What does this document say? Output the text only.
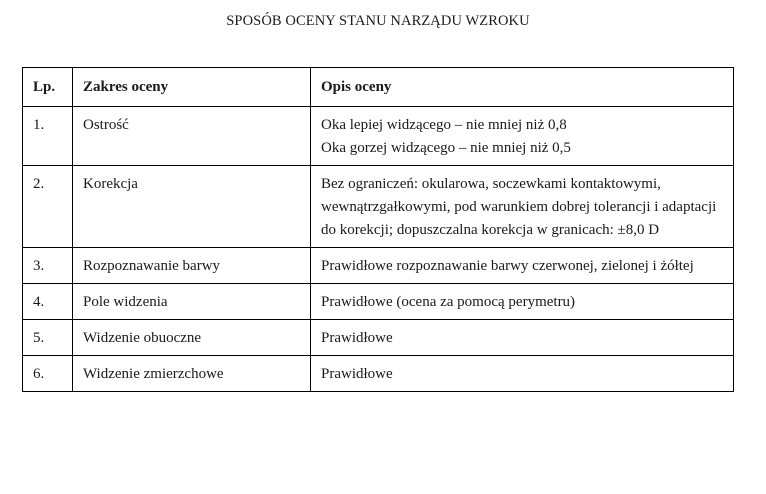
SPOSÓB OCENY STANU NARZĄDU WZROKU
Lp.	Zakres oceny	Opis oceny
1.	Ostrość	Oka lepiej widzącego – nie mniej niż 0,8
Oka gorzej widzącego – nie mniej niż 0,5

2.	Korekcja	Bez ograniczeń: okularowa, soczewkami kontaktowymi, wewnątrzgałkowymi, pod warunkiem dobrej tolerancji i adaptacji do korekcji; dopuszczalna korekcja w granicach: ±8,0 D
3.	Rozpoznawanie barwy	Prawidłowe rozpoznawanie barwy czerwonej, zielonej i żółtej
4.	Pole widzenia	Prawidłowe (ocena za pomocą perymetru)
5.	Widzenie obuoczne	Prawidłowe
6.	Widzenie zmierzchowe	Prawidłowe
